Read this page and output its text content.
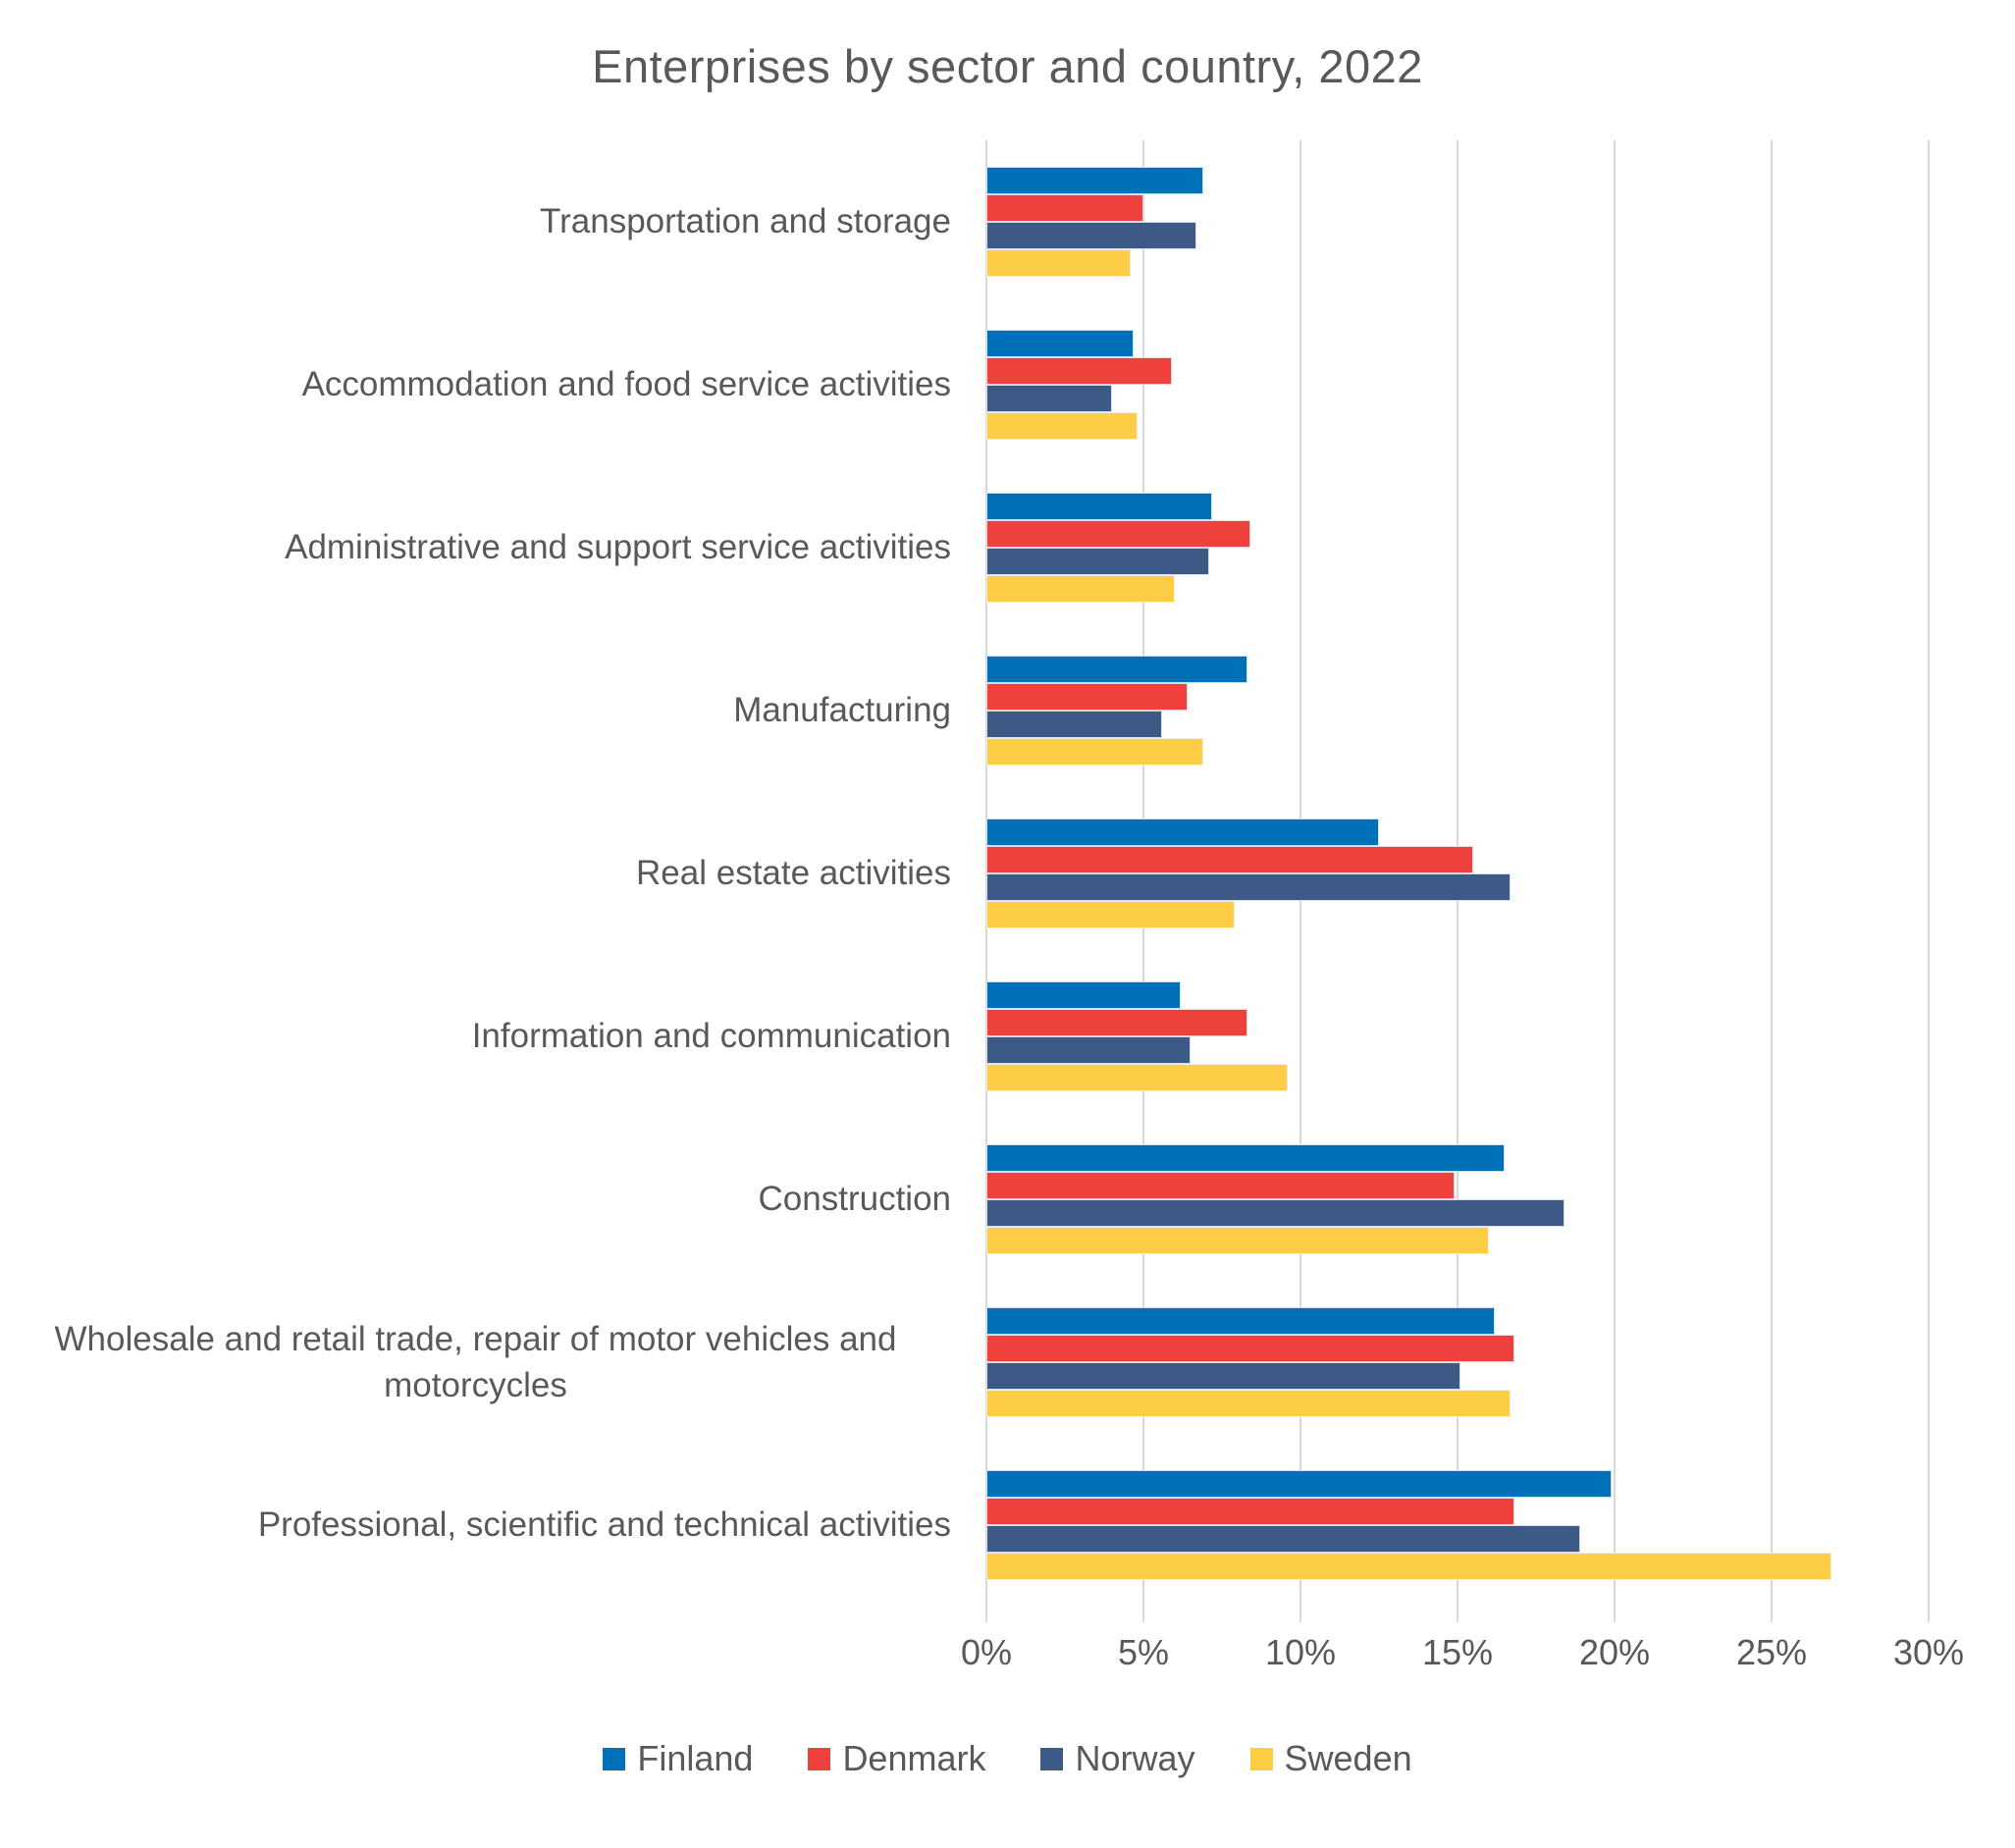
Enterprises by sector and country, 2022
Transportation and storage
Accommodation and food service activities
Administrative and support service activities
Manufacturing
Real estate activities
Information and communication
Construction
Wholesale and retail trade, repair of motor vehicles and motorcycles
Professional, scientific and technical activities
0%	5%	10% 15% 20% 25% 30%
Finland	Denmark	Norway	Sweden
